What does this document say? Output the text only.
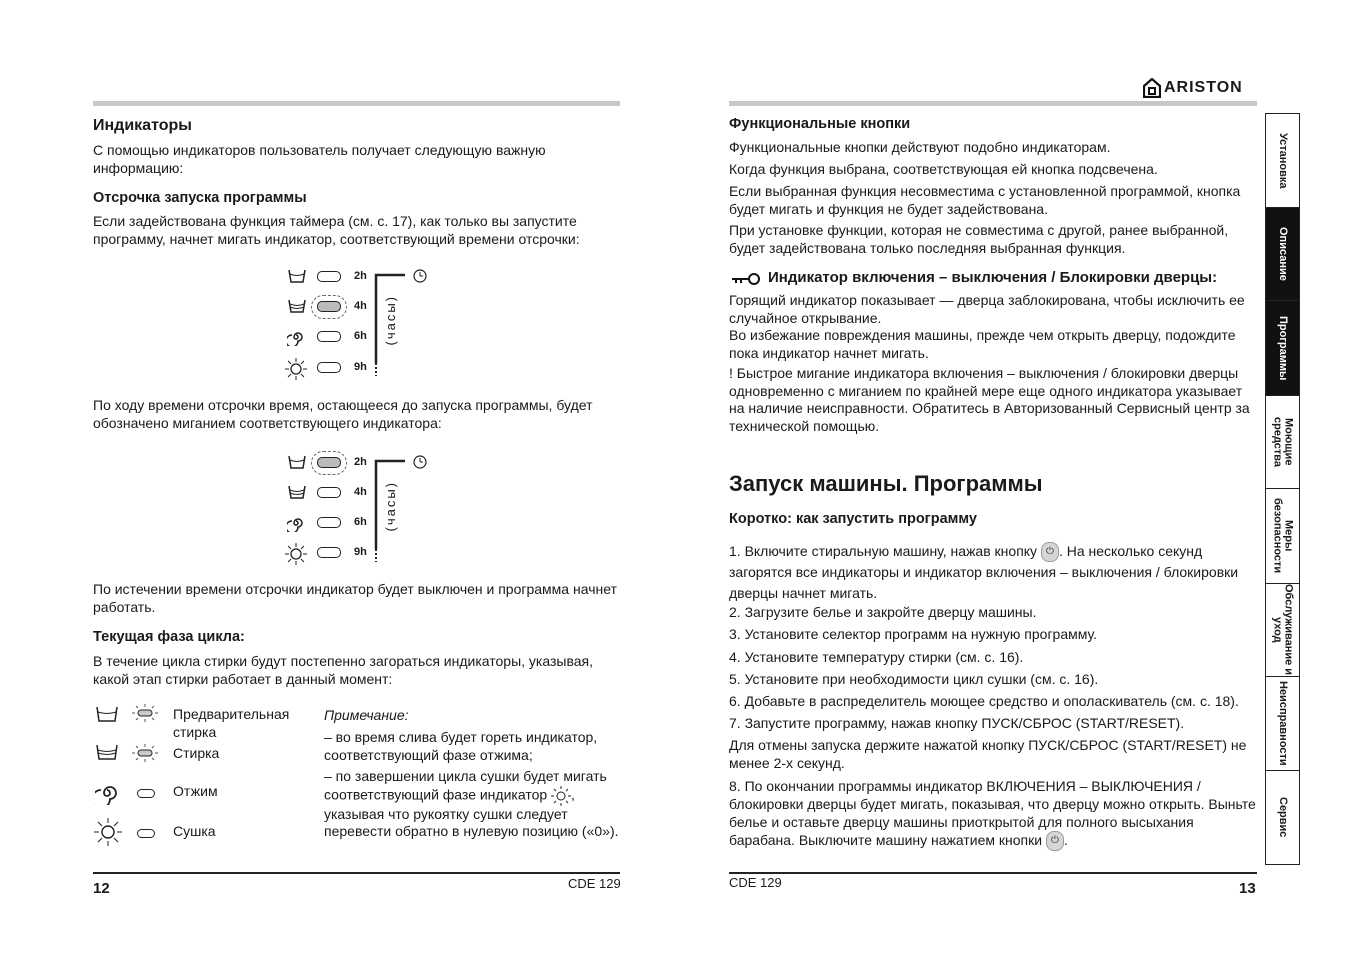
Индикаторы

С помощью индикаторов пользователь получает следующую важную информацию:

Отсрочка запуска программы

Если задействована функция таймера (см. с. 17), как только вы запустите программу, начнет мигать индикатор, соответствующий времени отсрочки:

2h
4h
6h
9h
(часы)

По ходу времени отсрочки время, остающееся до запуска программы, будет обозначено миганием соответствующего индикатора:

2h
4h
6h
9h
(часы)

По истечении времени отсрочки индикатор будет выключен и программа начнет работать.

Текущая фаза цикла:

В течение цикла стирки будут постепенно загораться индикаторы, указывая, какой этап стирки работает в данный момент:

Предварительная стирка

Стирка

Отжим

Сушка

Примечание:

– во время слива будет гореть индикатор, соответствующий фазе отжима;

– по завершении цикла сушки будет мигать соответствующий фазе индикатор , указывая что рукоятку сушки следует перевести обратно в нулевую позицию («0»).

12	CDE 129
ARISTON
Функциональные кнопки

Функциональные кнопки действуют подобно индикаторам.

Когда функция выбрана, соответствующая ей кнопка подсвечена.

Если выбранная функция несовместима с установленной программой, кнопка будет мигать и функция не будет задействована.

При установке функции, которая не совместима с другой, ранее выбранной, будет задействована только последняя выбранная функция.

Индикатор включения – выключения / Блокировки дверцы:

Горящий индикатор показывает — дверца заблокирована, чтобы исключить ее случайное открывание.

Во избежание повреждения машины, прежде чем открыть дверцу, подождите пока индикатор начнет мигать.

! Быстрое мигание индикатора включения – выключения / блокировки дверцы одновременно с миганием по крайней мере еще одного индикатора указывает на наличие неисправности. Обратитесь в Авторизованный Сервисный центр за технической помощью.

Запуск машины. Программы
Коротко: как запустить программу

1. Включите стиральную машину, нажав кнопку ⏻ . На несколько секунд загорятся все индикаторы и индикатор включения – выключения / блокировки дверцы начнет мигать.

2. Загрузите белье и закройте дверцу машины.

3. Установите селектор программ на нужную программу.

4. Установите температуру стирки (см. с. 16).

5. Установите при необходимости цикл сушки (см. с. 16).

6. Добавьте в распределитель моющее средство и ополаскиватель (см. с. 18).

7. Запустите программу, нажав кнопку ПУСК/СБРОС (START/RESET).

Для отмены запуска держите нажатой кнопку ПУСК/СБРОС (START/RESET) не менее 2-х секунд.

8. По окончании программы индикатор ВКЛЮЧЕНИЯ – ВЫКЛЮЧЕНИЯ / блокировки дверцы будет мигать, показывая, что дверцу можно открыть. Выньте белье и оставьте дверцу машины приоткрытой для полного высыхания барабана. Выключите машину нажатием кнопки ⏻ .

CDE 129	13
Установка
Описание
Программы
Моющие средства
Меры безопасности
Обслуживание и уход
Неисправности
Сервис
